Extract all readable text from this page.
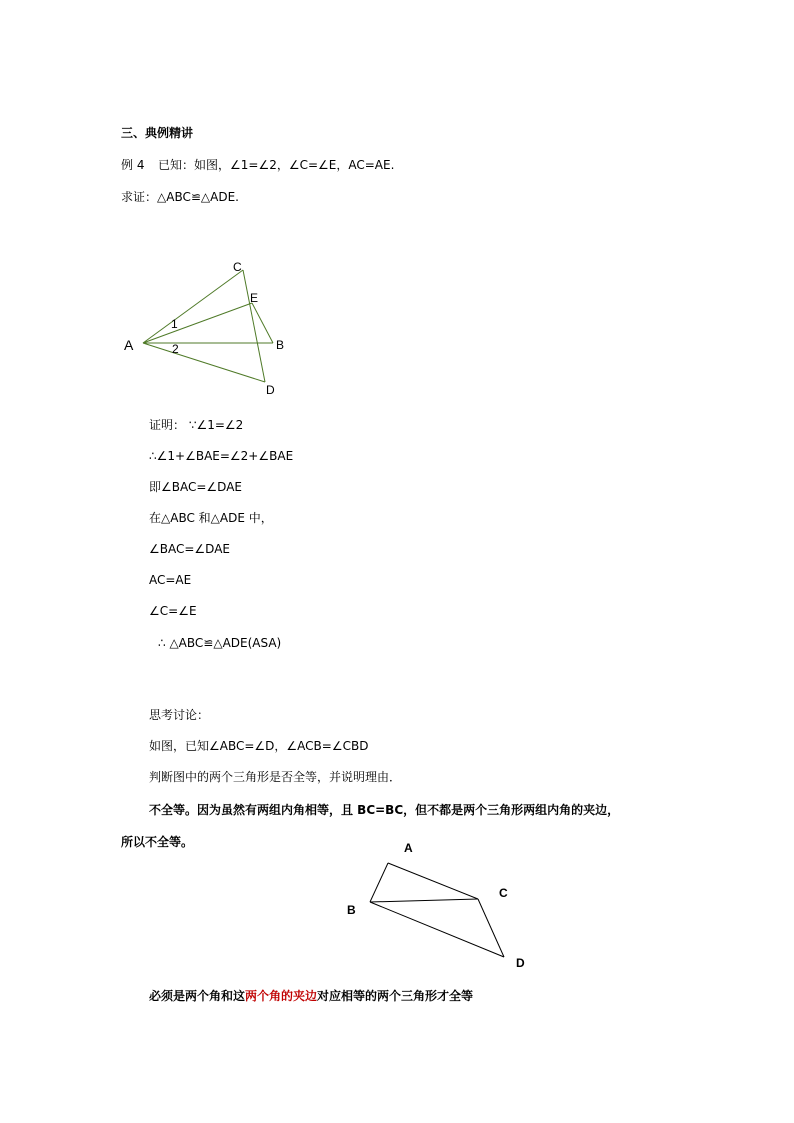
三、典例精讲
例 4 已知：如图，∠1=∠2，∠C=∠E，AC=AE.
求证：△ABC≌△ADE.
C
E
1
A	2	B
D
证明： ∵∠1=∠2
∴∠1+∠BAE=∠2+∠BAE
即∠BAC=∠DAE
在△ABC 和△ADE 中，
∠BAC=∠DAE
AC=AE
∠C=∠E
∴ △ABC≌△ADE(ASA)
思考讨论：
如图，已知∠ABC=∠D，∠ACB=∠CBD
判断图中的两个三角形是否全等，并说明理由．
不全等。因为虽然有两组内角相等，且 BC=BC，但不都是两个三角形两组内角的夹边，
所以不全等。	A
C
B
D
必须是两个角和这两个角的夹边对应相等的两个三角形才全等
